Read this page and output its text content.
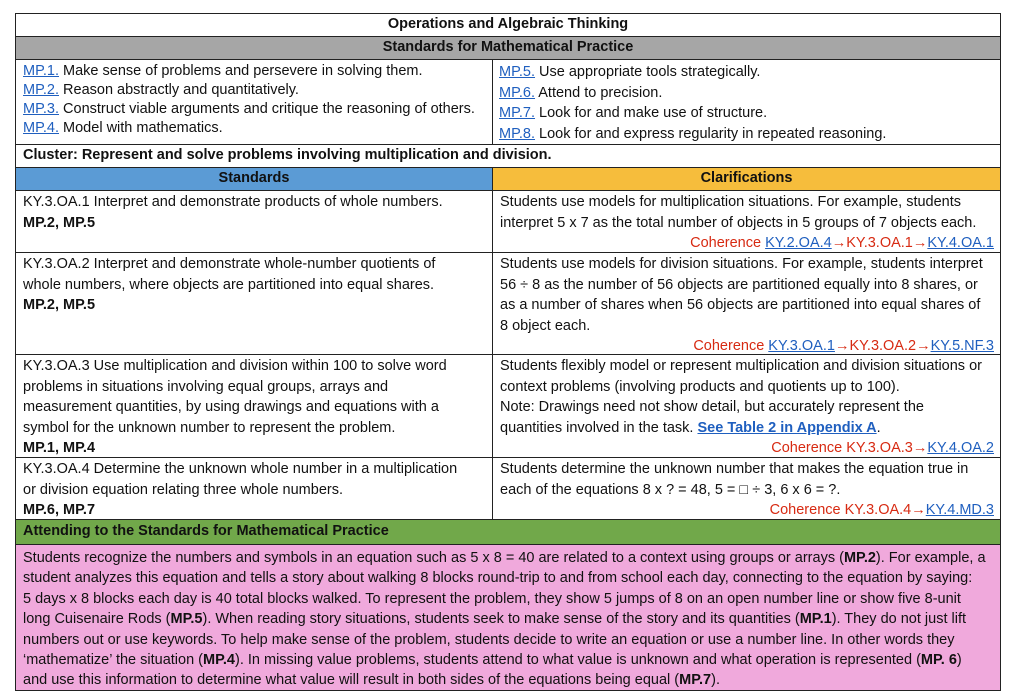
Operations and Algebraic Thinking
Standards for Mathematical Practice
MP.1. Make sense of problems and persevere in solving them.
MP.2. Reason abstractly and quantitatively.
MP.3. Construct viable arguments and critique the reasoning of others.
MP.4. Model with mathematics.
MP.5. Use appropriate tools strategically.
MP.6. Attend to precision.
MP.7. Look for and make use of structure.
MP.8. Look for and express regularity in repeated reasoning.
Cluster: Represent and solve problems involving multiplication and division.
Standards	Clarifications
KY.3.OA.1 Interpret and demonstrate products of whole numbers.
MP.2, MP.5
Students use models for multiplication situations. For example, students
interpret 5 x 7 as the total number of objects in 5 groups of 7 objects each.
Coherence KY.2.OA.4→KY.3.OA.1→KY.4.OA.1
KY.3.OA.2 Interpret and demonstrate whole-number quotients of
whole numbers, where objects are partitioned into equal shares.
MP.2, MP.5
Students use models for division situations. For example, students interpret
56 ÷ 8 as the number of 56 objects are partitioned equally into 8 shares, or
as a number of shares when 56 objects are partitioned into equal shares of
8 object each.
Coherence KY.3.OA.1→KY.3.OA.2→KY.5.NF.3
KY.3.OA.3 Use multiplication and division within 100 to solve word
problems in situations involving equal groups, arrays and
measurement quantities, by using drawings and equations with a
symbol for the unknown number to represent the problem.
MP.1, MP.4
Students flexibly model or represent multiplication and division situations or
context problems (involving products and quotients up to 100).
Note: Drawings need not show detail, but accurately represent the
quantities involved in the task. See Table 2 in Appendix A.
Coherence KY.3.OA.3→KY.4.OA.2
KY.3.OA.4 Determine the unknown whole number in a multiplication
or division equation relating three whole numbers.
MP.6, MP.7
Students determine the unknown number that makes the equation true in
each of the equations 8 x ? = 48, 5 = □ ÷ 3, 6 x 6 = ?.
Coherence KY.3.OA.4→KY.4.MD.3
Attending to the Standards for Mathematical Practice
Students recognize the numbers and symbols in an equation such as 5 x 8 = 40 are related to a context using groups or arrays (MP.2). For example, a
student analyzes this equation and tells a story about walking 8 blocks round-trip to and from school each day, connecting to the equation by saying:
5 days x 8 blocks each day is 40 total blocks walked. To represent the problem, they show 5 jumps of 8 on an open number line or show five 8-unit
long Cuisenaire Rods (MP.5). When reading story situations, students seek to make sense of the story and its quantities (MP.1). They do not just lift
numbers out or use keywords. To help make sense of the problem, students decide to write an equation or use a number line. In other words they
‘mathematize’ the situation (MP.4). In missing value problems, students attend to what value is unknown and what operation is represented (MP. 6)
and use this information to determine what value will result in both sides of the equations being equal (MP.7).
